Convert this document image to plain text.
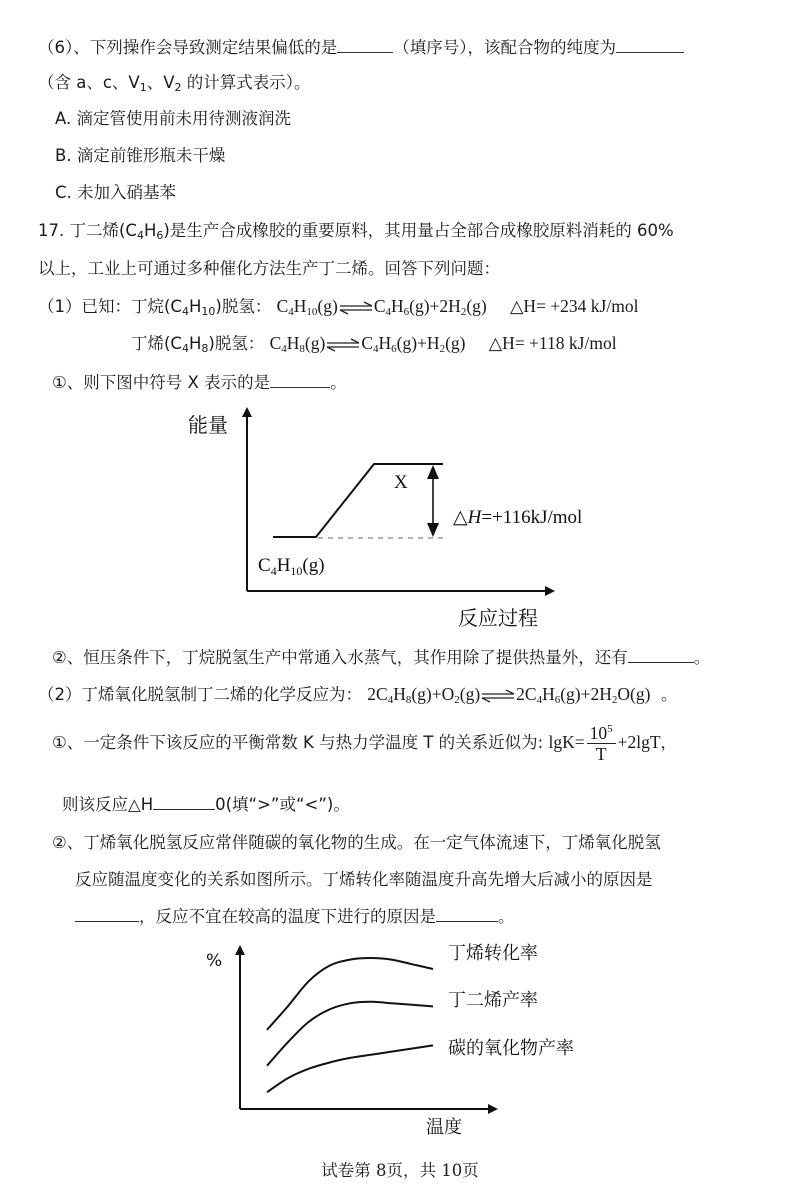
（6）、下列操作会导致测定结果偏低的是	（填序号），该配合物的纯度为
（含 a、c、$V_1$、$V_2$ 的计算式表示）。
A. 滴定管使用前未用待测液润洗
B. 滴定前锥形瓶未干燥
C. 未加入硝基苯
17. 丁二烯$(C_4H_6)$是生产合成橡胶的重要原料，其用量占全部合成橡胶原料消耗的 60%
以上，工业上可通过多种催化方法生产丁二烯。回答下列问题：
（1）已知：丁烷$(C_4H_{10})$脱氢： $C_4H_{10}(g)\rightleftharpoons C_4H_6(g)+2H_2(g)$ △H= +234 kJ/mol
丁烯$(C_4H_8)$脱氢： $C_4H_8(g)\rightleftharpoons C_4H_6(g)+H_2(g)$ △H= +118 kJ/mol
①、则下图中符号 X 表示的是	。
能量
反应过程
X
△H=+116kJ/mol
$C_4H_{10}(g)$
②、恒压条件下，丁烷脱氢生产中常通入水蒸气，其作用除了提供热量外，还有	。
（2）丁烯氧化脱氢制丁二烯的化学反应为： $2C_4H_8(g)+O_2(g)\rightleftharpoons 2C_4H_6(g)+2H_2O(g)$  。
①、一定条件下该反应的平衡常数 K 与热力学温度 T 的关系近似为: $\lg K= \frac{10^5}{T} +2\lg T$，
则该反应△H	0(填“>”或“<”)。
②、丁烯氧化脱氢反应常伴随碳的氧化物的生成。在一定气体流速下，丁烯氧化脱氢
反应随温度变化的关系如图所示。丁烯转化率随温度升高先增大后减小的原因是
，反应不宜在较高的温度下进行的原因是	。
%
温度
丁烯转化率
丁二烯产率
碳的氧化物产率
试卷第 8页，共 10页
